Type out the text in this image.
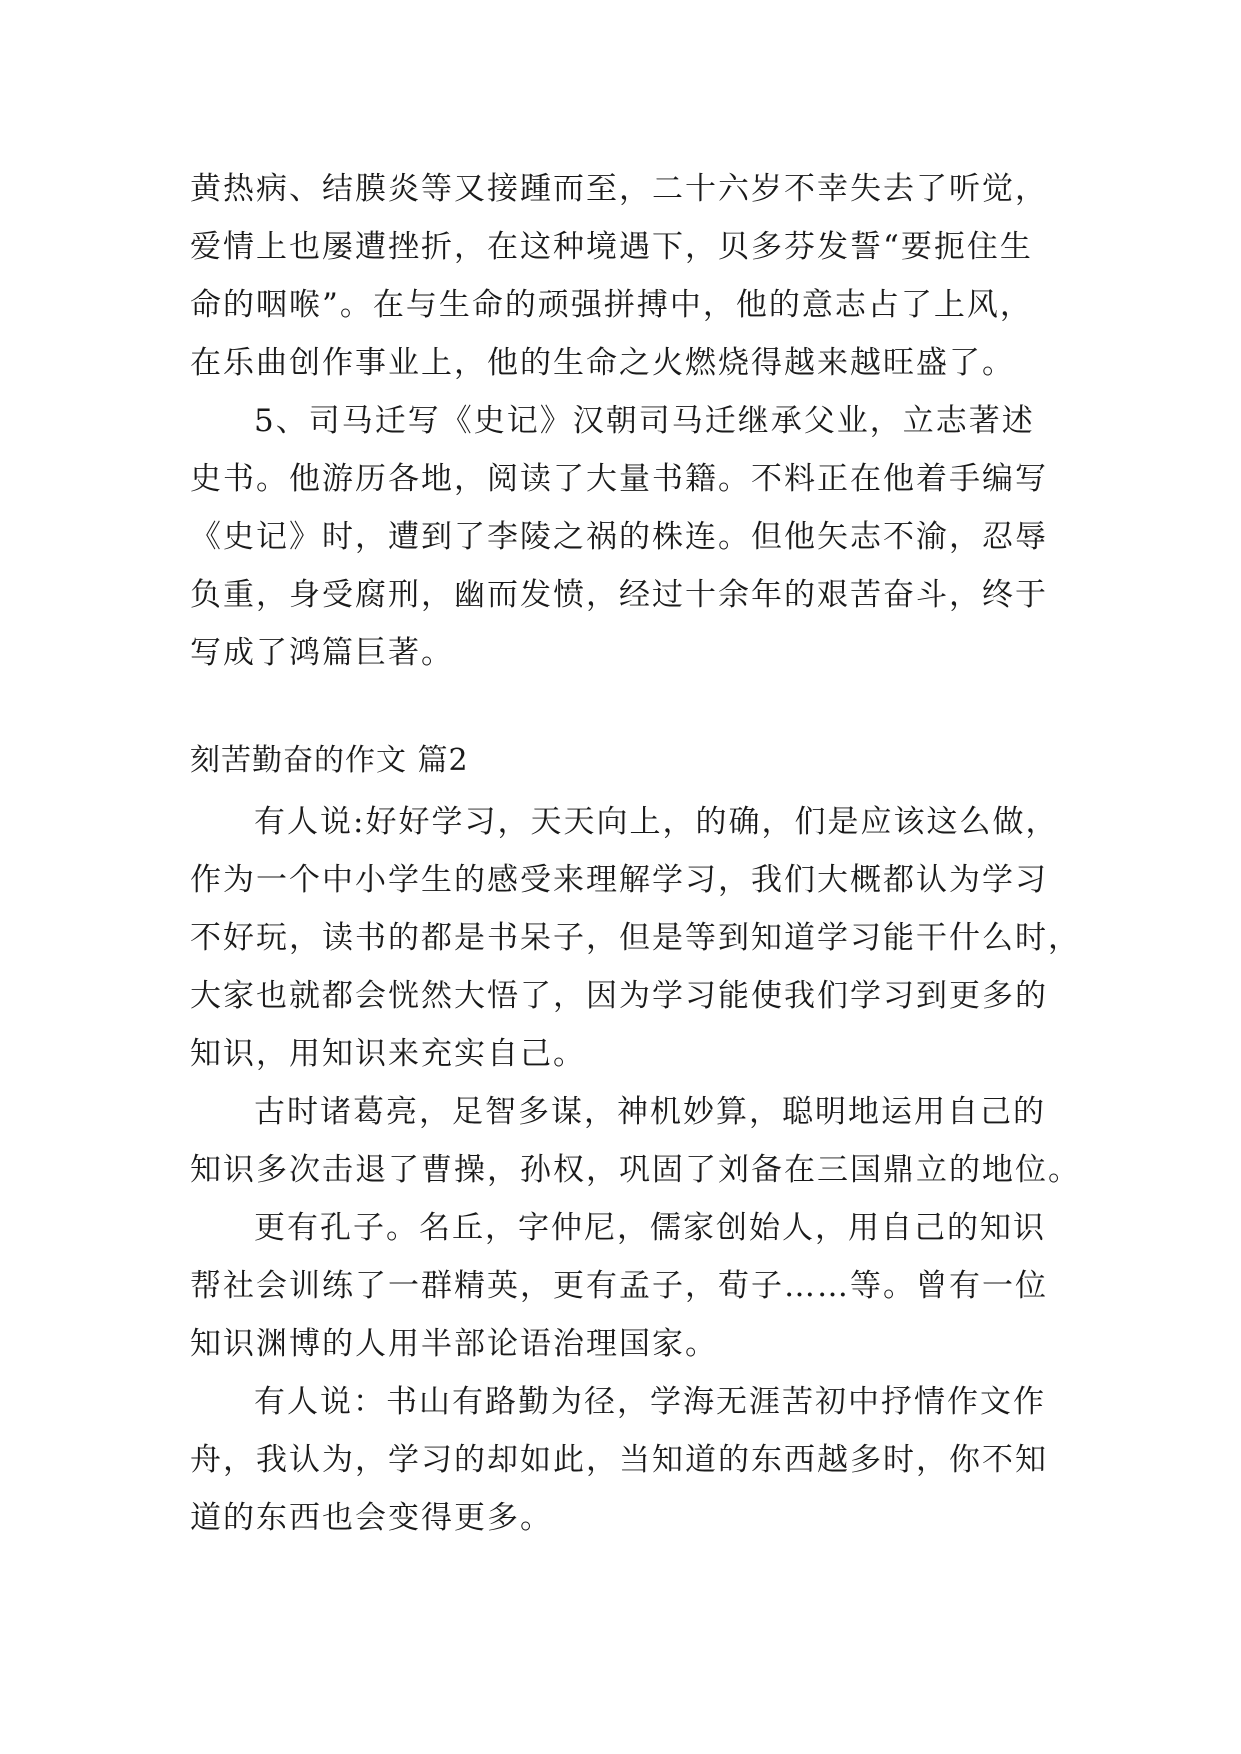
黄热病、结膜炎等又接踵而至，二十六岁不幸失去了听觉，
爱情上也屡遭挫折，在这种境遇下，贝多芬发誓“要扼住生
命的咽喉”。在与生命的顽强拼搏中，他的意志占了上风，
在乐曲创作事业上，他的生命之火燃烧得越来越旺盛了。
5、司马迁写《史记》汉朝司马迁继承父业，立志著述
史书。他游历各地，阅读了大量书籍。不料正在他着手编写
《史记》时，遭到了李陵之祸的株连。但他矢志不渝，忍辱
负重，身受腐刑，幽而发愤，经过十余年的艰苦奋斗，终于
写成了鸿篇巨著。
刻苦勤奋的作文 篇2
有人说:好好学习，天天向上，的确，们是应该这么做，
作为一个中小学生的感受来理解学习，我们大概都认为学习
不好玩，读书的都是书呆子，但是等到知道学习能干什么时，
大家也就都会恍然大悟了，因为学习能使我们学习到更多的
知识，用知识来充实自己。
古时诸葛亮，足智多谋，神机妙算，聪明地运用自己的
知识多次击退了曹操，孙权，巩固了刘备在三国鼎立的地位。
更有孔子。名丘，字仲尼，儒家创始人，用自己的知识
帮社会训练了一群精英，更有孟子，荀子……等。曾有一位
知识渊博的人用半部论语治理国家。
有人说：书山有路勤为径，学海无涯苦初中抒情作文作
舟，我认为，学习的却如此，当知道的东西越多时，你不知
道的东西也会变得更多。
